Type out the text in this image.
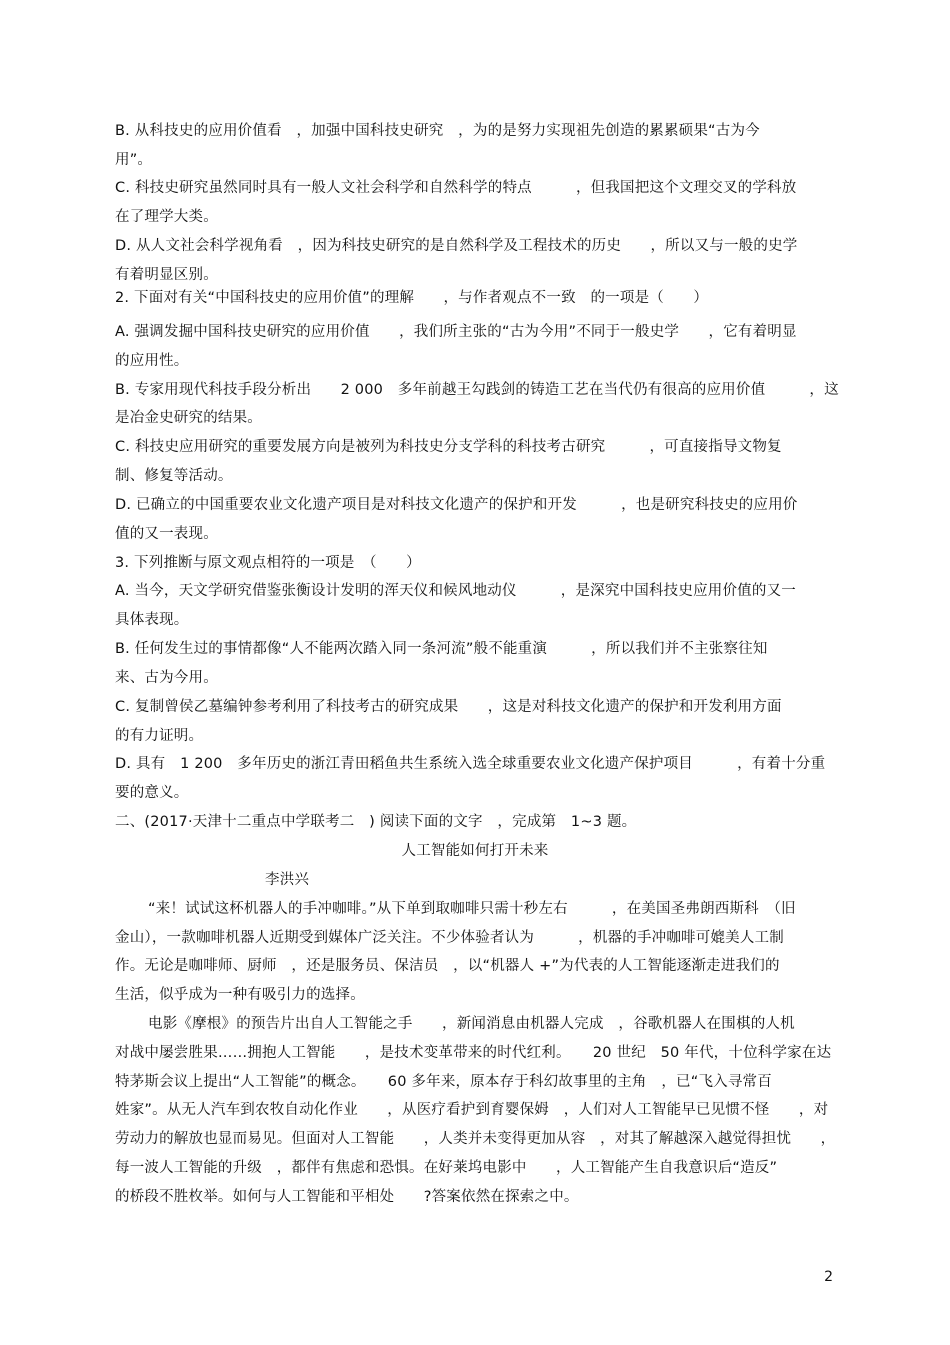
B. 从科技史的应用价值看　，加强中国科技史研究　，为的是努力实现祖先创造的累累硕果“古为今
用”。
C. 科技史研究虽然同时具有一般人文社会科学和自然科学的特点　　　，但我国把这个文理交叉的学科放
在了理学大类。
D. 从人文社会科学视角看　，因为科技史研究的是自然科学及工程技术的历史　　，所以又与一般的史学
有着明显区别。
2. 下面对有关“中国科技史的应用价值”的理解　　，与作者观点不一致　的一项是（　　）
A. 强调发掘中国科技史研究的应用价值　　，我们所主张的“古为今用”不同于一般史学　　，它有着明显
的应用性。
B. 专家用现代科技手段分析出　　2 000　多年前越王勾践剑的铸造工艺在当代仍有很高的应用价值　　　，这
是冶金史研究的结果。
C. 科技史应用研究的重要发展方向是被列为科技史分支学科的科技考古研究　　　，可直接指导文物复
制、修复等活动。
D. 已确立的中国重要农业文化遗产项目是对科技文化遗产的保护和开发　　　，也是研究科技史的应用价
值的又一表现。
3. 下列推断与原文观点相符的一项是　（　　）
A. 当今，天文学研究借鉴张衡设计发明的浑天仪和候风地动仪　　　，是深究中国科技史应用价值的又一
具体表现。
B. 任何发生过的事情都像“人不能两次踏入同一条河流”般不能重演　　　，所以我们并不主张察往知
来、古为今用。
C. 复制曾侯乙墓编钟参考利用了科技考古的研究成果　　，这是对科技文化遗产的保护和开发利用方面
的有力证明。
D. 具有　1 200　多年历史的浙江青田稻鱼共生系统入选全球重要农业文化遗产保护项目　　　，有着十分重
要的意义。
二、(2017·天津十二重点中学联考二　) 阅读下面的文字　，完成第　1~3 题。
人工智能如何打开未来
李洪兴
“来！试试这杯机器人的手冲咖啡。”从下单到取咖啡只需十秒左右　　　，在美国圣弗朗西斯科　（旧
金山），一款咖啡机器人近期受到媒体广泛关注。不少体验者认为　　　，机器的手冲咖啡可媲美人工制
作。无论是咖啡师、厨师　，还是服务员、保洁员　，以“机器人 +”为代表的人工智能逐渐走进我们的
生活，似乎成为一种有吸引力的选择。
电影《摩根》的预告片出自人工智能之手　　，新闻消息由机器人完成　，谷歌机器人在围棋的人机
对战中屡尝胜果……拥抱人工智能　　，是技术变革带来的时代红利。　　20 世纪　50 年代，十位科学家在达
特茅斯会议上提出“人工智能”的概念。　　60 多年来，原本存于科幻故事里的主角　，已“飞入寻常百
姓家”。从无人汽车到农牧自动化作业　　，从医疗看护到育婴保姆　，人们对人工智能早已见惯不怪　　，对
劳动力的解放也显而易见。但面对人工智能　　，人类并未变得更加从容　，对其了解越深入越觉得担忧　　，
每一波人工智能的升级　，都伴有焦虑和恐惧。在好莱坞电影中　　，人工智能产生自我意识后“造反”
的桥段不胜枚举。如何与人工智能和平相处　　?答案依然在探索之中。
2
